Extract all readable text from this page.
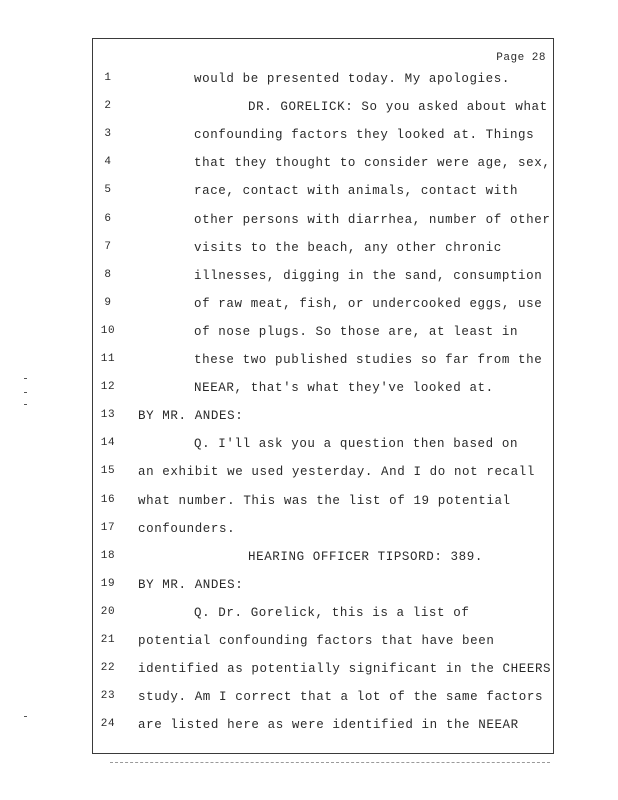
Page 28
1	would be presented today. My apologies.
2	DR. GORELICK: So you asked about what
3	confounding factors they looked at. Things
4	that they thought to consider were age, sex,
5	race, contact with animals, contact with
6	other persons with diarrhea, number of other
7	visits to the beach, any other chronic
8	illnesses, digging in the sand, consumption
9	of raw meat, fish, or undercooked eggs, use
10	of nose plugs. So those are, at least in
11	these two published studies so far from the
12	NEEAR, that's what they've looked at.
13	BY MR. ANDES:
14	Q. I'll ask you a question then based on
15	an exhibit we used yesterday. And I do not recall
16	what number. This was the list of 19 potential
17	confounders.
18	HEARING OFFICER TIPSORD: 389.
19	BY MR. ANDES:
20	Q. Dr. Gorelick, this is a list of
21	potential confounding factors that have been
22	identified as potentially significant in the CHEERS
23	study. Am I correct that a lot of the same factors
24	are listed here as were identified in the NEEAR
